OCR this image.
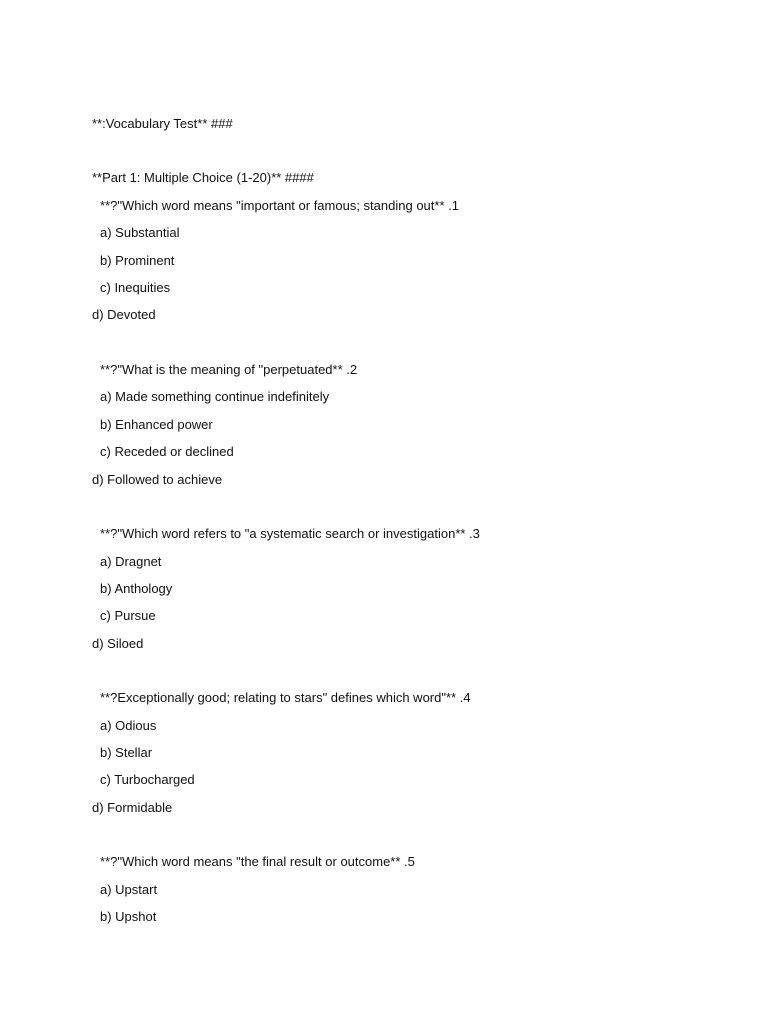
**:Vocabulary Test** ###
**Part 1: Multiple Choice (1-20)** ####
**?"Which word means "important or famous; standing out** .1
a) Substantial
b) Prominent
c) Inequities
d) Devoted
**?"What is the meaning of "perpetuated** .2
a) Made something continue indefinitely
b) Enhanced power
c) Receded or declined
d) Followed to achieve
**?"Which word refers to "a systematic search or investigation** .3
a) Dragnet
b) Anthology
c) Pursue
d) Siloed
**?Exceptionally good; relating to stars" defines which word"** .4
a) Odious
b) Stellar
c) Turbocharged
d) Formidable
**?"Which word means "the final result or outcome** .5
a) Upstart
b) Upshot
